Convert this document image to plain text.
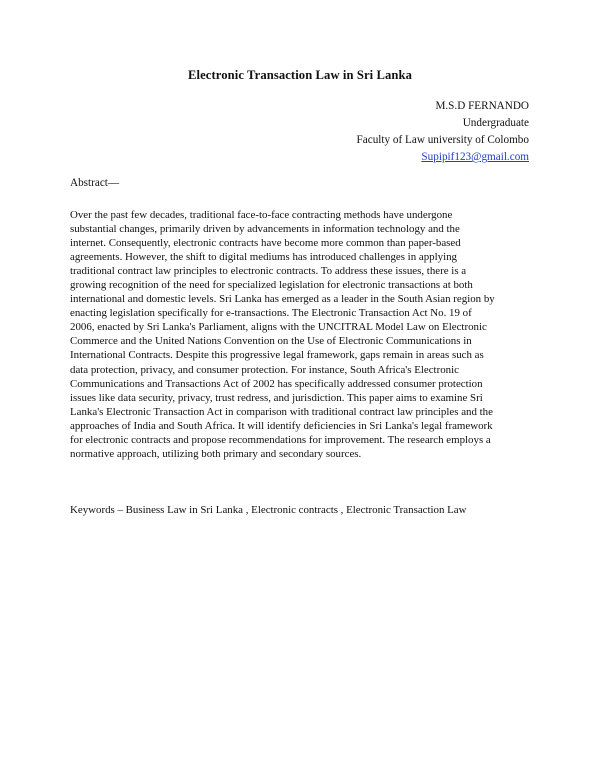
Electronic Transaction Law in Sri Lanka
M.S.D FERNANDO
Undergraduate
Faculty of Law university of Colombo
Supipif123@gmail.com
Abstract—
Over the past few decades, traditional face-to-face contracting methods have undergone
substantial changes, primarily driven by advancements in information technology and the
internet. Consequently, electronic contracts have become more common than paper-based
agreements. However, the shift to digital mediums has introduced challenges in applying
traditional contract law principles to electronic contracts. To address these issues, there is a
growing recognition of the need for specialized legislation for electronic transactions at both
international and domestic levels. Sri Lanka has emerged as a leader in the South Asian region by
enacting legislation specifically for e-transactions. The Electronic Transaction Act No. 19 of
2006, enacted by Sri Lanka's Parliament, aligns with the UNCITRAL Model Law on Electronic
Commerce and the United Nations Convention on the Use of Electronic Communications in
International Contracts. Despite this progressive legal framework, gaps remain in areas such as
data protection, privacy, and consumer protection. For instance, South Africa's Electronic
Communications and Transactions Act of 2002 has specifically addressed consumer protection
issues like data security, privacy, trust redress, and jurisdiction. This paper aims to examine Sri
Lanka's Electronic Transaction Act in comparison with traditional contract law principles and the
approaches of India and South Africa. It will identify deficiencies in Sri Lanka's legal framework
for electronic contracts and propose recommendations for improvement. The research employs a
normative approach, utilizing both primary and secondary sources.
Keywords – Business Law in Sri Lanka , Electronic contracts , Electronic Transaction Law
